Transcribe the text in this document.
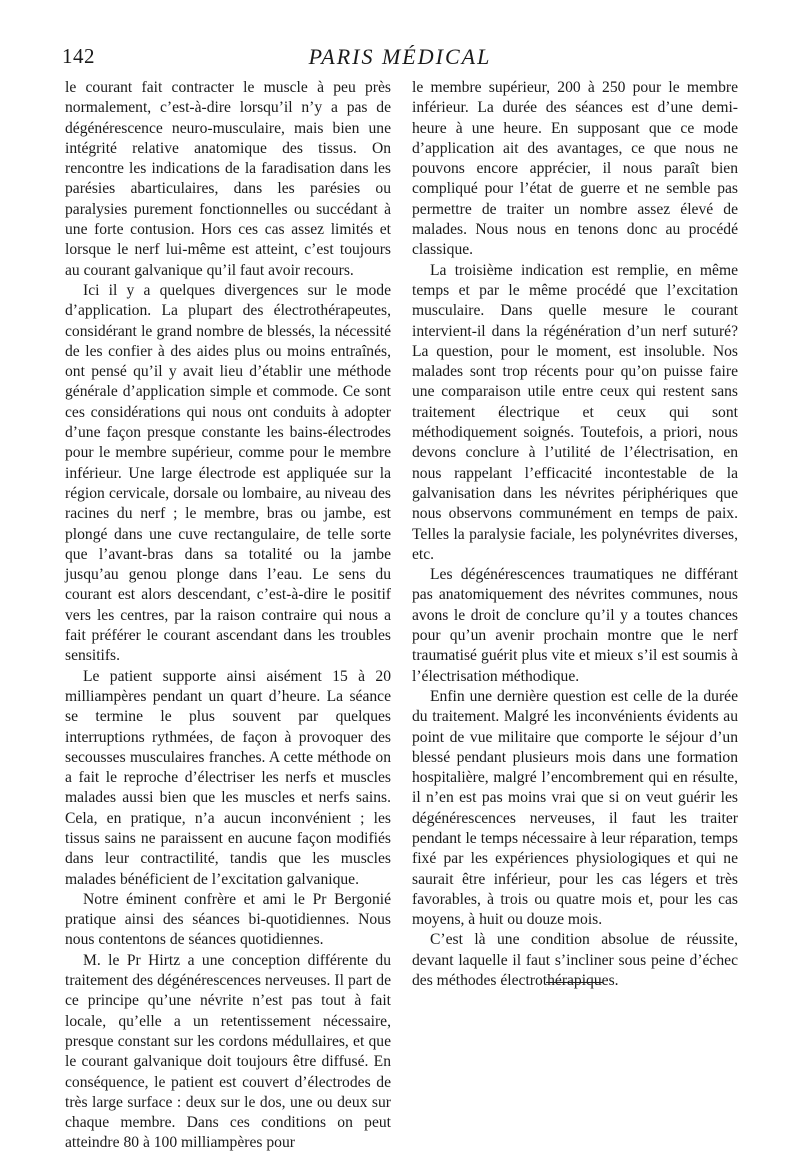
142	PARIS MÉDICAL

le courant fait contracter le muscle à peu près normalement, c’est-à-dire lorsqu’il n’y a pas de dégénérescence neuro-musculaire, mais bien une intégrité relative anatomique des tissus. On rencontre les indications de la faradisation dans les parésies abarticulaires, dans les parésies ou paralysies purement fonctionnelles ou succédant à une forte contusion. Hors ces cas assez limités et lorsque le nerf lui-même est atteint, c’est toujours au courant galvanique qu’il faut avoir recours.

Ici il y a quelques divergences sur le mode d’application. La plupart des électrothérapeutes, considérant le grand nombre de blessés, la nécessité de les confier à des aides plus ou moins entraînés, ont pensé qu’il y avait lieu d’établir une méthode générale d’application simple et commode. Ce sont ces considérations qui nous ont conduits à adopter d’une façon presque constante les bains-électrodes pour le membre supérieur, comme pour le membre inférieur. Une large électrode est appliquée sur la région cervicale, dorsale ou lombaire, au niveau des racines du nerf ; le membre, bras ou jambe, est plongé dans une cuve rectangulaire, de telle sorte que l’avant-bras dans sa totalité ou la jambe jusqu’au genou plonge dans l’eau. Le sens du courant est alors descendant, c’est-à-dire le positif vers les centres, par la raison contraire qui nous a fait préférer le courant ascendant dans les troubles sensitifs.

Le patient supporte ainsi aisément 15 à 20 milliampères pendant un quart d’heure. La séance se termine le plus souvent par quelques interruptions rythmées, de façon à provoquer des secousses musculaires franches. A cette méthode on a fait le reproche d’électriser les nerfs et muscles malades aussi bien que les muscles et nerfs sains. Cela, en pratique, n’a aucun inconvénient ; les tissus sains ne paraissent en aucune façon modifiés dans leur contractilité, tandis que les muscles malades bénéficient de l’excitation galvanique.

Notre éminent confrère et ami le Pr Bergonié pratique ainsi des séances bi-quotidiennes. Nous nous contentons de séances quotidiennes.

M. le Pr Hirtz a une conception différente du traitement des dégénérescences nerveuses. Il part de ce principe qu’une névrite n’est pas tout à fait locale, qu’elle a un retentissement nécessaire, presque constant sur les cordons médullaires, et que le courant galvanique doit toujours être diffusé. En conséquence, le patient est couvert d’électrodes de très large surface : deux sur le dos, une ou deux sur chaque membre. Dans ces conditions on peut atteindre 80 à 100 milliampères pour

le membre supérieur, 200 à 250 pour le membre inférieur. La durée des séances est d’une demi-heure à une heure. En supposant que ce mode d’application ait des avantages, ce que nous ne pouvons encore apprécier, il nous paraît bien compliqué pour l’état de guerre et ne semble pas permettre de traiter un nombre assez élevé de malades. Nous nous en tenons donc au procédé classique.

La troisième indication est remplie, en même temps et par le même procédé que l’excitation musculaire. Dans quelle mesure le courant intervient-il dans la régénération d’un nerf suturé? La question, pour le moment, est insoluble. Nos malades sont trop récents pour qu’on puisse faire une comparaison utile entre ceux qui restent sans traitement électrique et ceux qui sont méthodiquement soignés. Toutefois, a priori, nous devons conclure à l’utilité de l’électrisation, en nous rappelant l’efficacité incontestable de la galvanisation dans les névrites périphériques que nous observons communément en temps de paix. Telles la paralysie faciale, les polynévrites diverses, etc.

Les dégénérescences traumatiques ne différant pas anatomiquement des névrites communes, nous avons le droit de conclure qu’il y a toutes chances pour qu’un avenir prochain montre que le nerf traumatisé guérit plus vite et mieux s’il est soumis à l’électrisation méthodique.

Enfin une dernière question est celle de la durée du traitement. Malgré les inconvénients évidents au point de vue militaire que comporte le séjour d’un blessé pendant plusieurs mois dans une formation hospitalière, malgré l’encombrement qui en résulte, il n’en est pas moins vrai que si on veut guérir les dégénérescences nerveuses, il faut les traiter pendant le temps nécessaire à leur réparation, temps fixé par les expériences physiologiques et qui ne saurait être inférieur, pour les cas légers et très favorables, à trois ou quatre mois et, pour les cas moyens, à huit ou douze mois.

C’est là une condition absolue de réussite, devant laquelle il faut s’incliner sous peine d’échec des méthodes électrothérapiques.
